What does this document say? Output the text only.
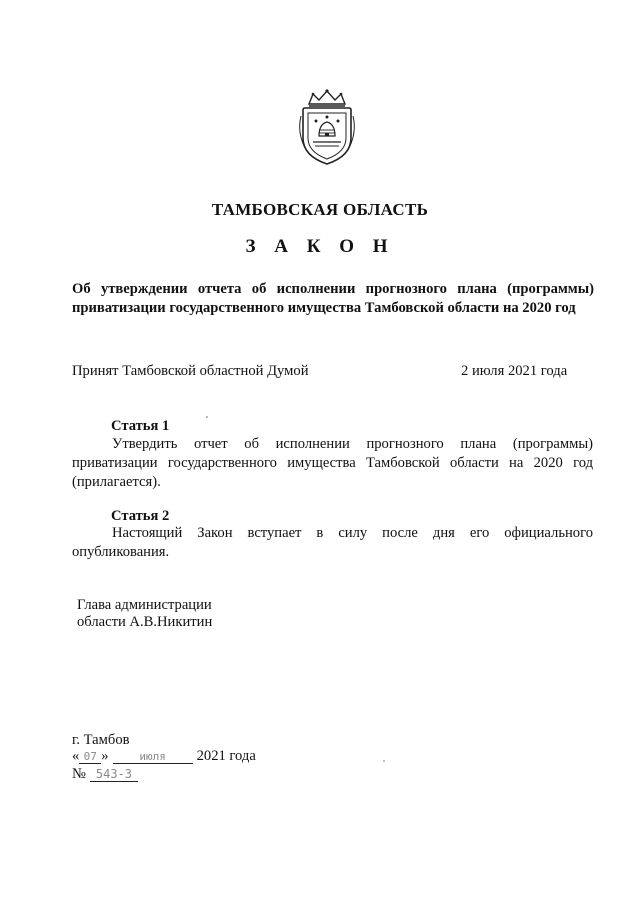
ТАМБОВСКАЯ ОБЛАСТЬ
З А К О Н
Об утверждении отчета об исполнении прогнозного плана (программы) приватизации государственного имущества Тамбовской области на 2020 год
Принят Тамбовской областной Думой	2 июля 2021 года
Статья 1
Утвердить отчет об исполнении прогнозного плана (программы) приватизации государственного имущества Тамбовской области на 2020 год (прилагается).
Статья 2
Настоящий Закон вступает в силу после дня его официального опубликования.
Глава администрации
области А.В.Никитин
г. Тамбов
« 07 »	июля 2021 года
№ 543-З
